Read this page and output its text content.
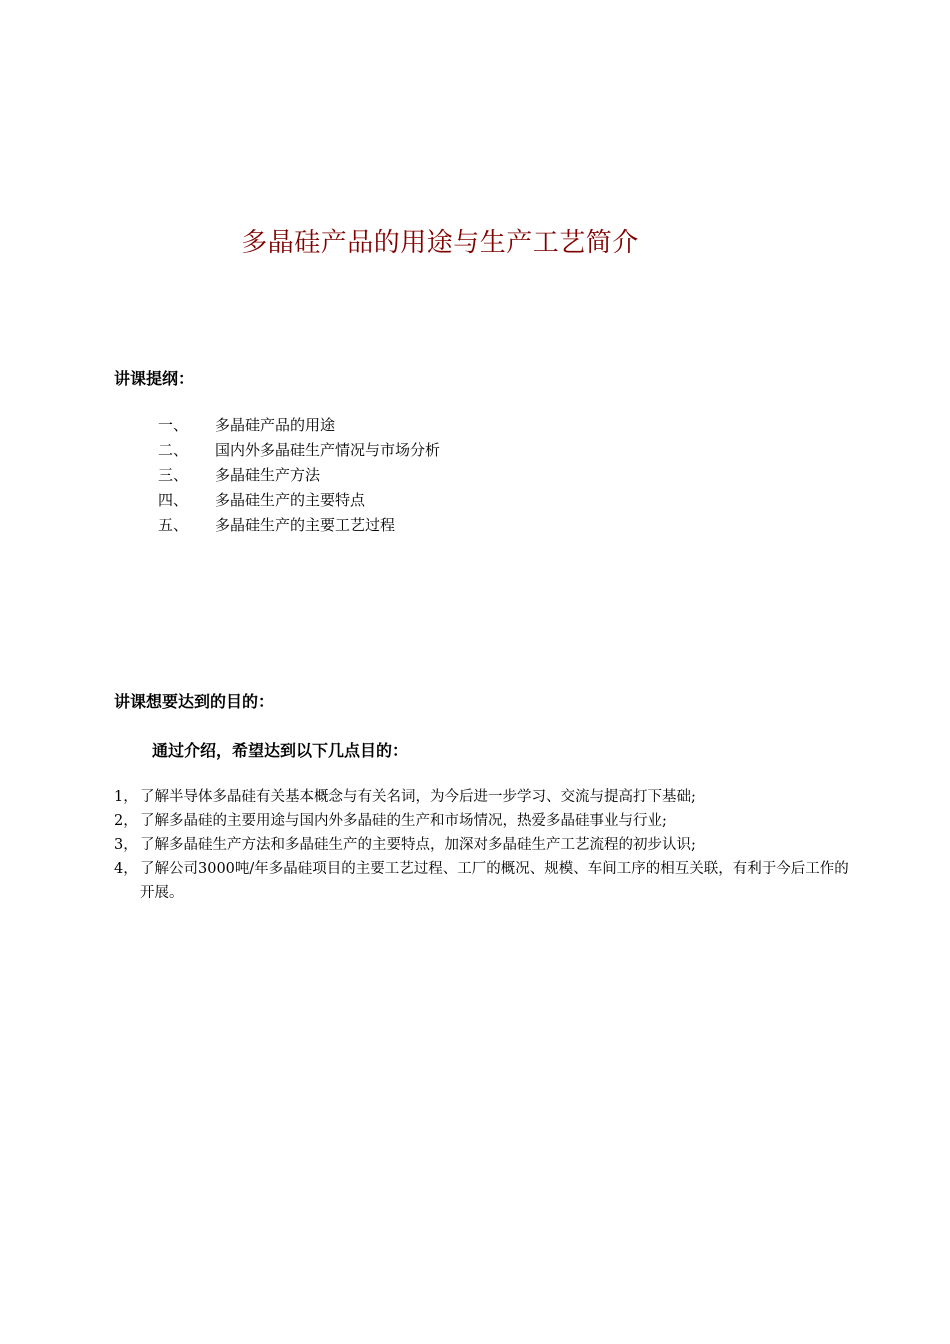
多晶硅产品的用途与生产工艺简介
讲课提纲：
一、 多晶硅产品的用途
二、 国内外多晶硅生产情况与市场分析
三、 多晶硅生产方法
四、 多晶硅生产的主要特点
五、 多晶硅生产的主要工艺过程
讲课想要达到的目的：
通过介绍，希望达到以下几点目的：
1， 了解半导体多晶硅有关基本概念与有关名词，为今后进一步学习、交流与提高打下基础;
2， 了解多晶硅的主要用途与国内外多晶硅的生产和市场情况，热爱多晶硅事业与行业;
3， 了解多晶硅生产方法和多晶硅生产的主要特点，加深对多晶硅生产工艺流程的初步认识;
4， 了解公司3000吨/年多晶硅项目的主要工艺过程、工厂的概况、规模、车间工序的相互关联，有利于今后工作的开展。
